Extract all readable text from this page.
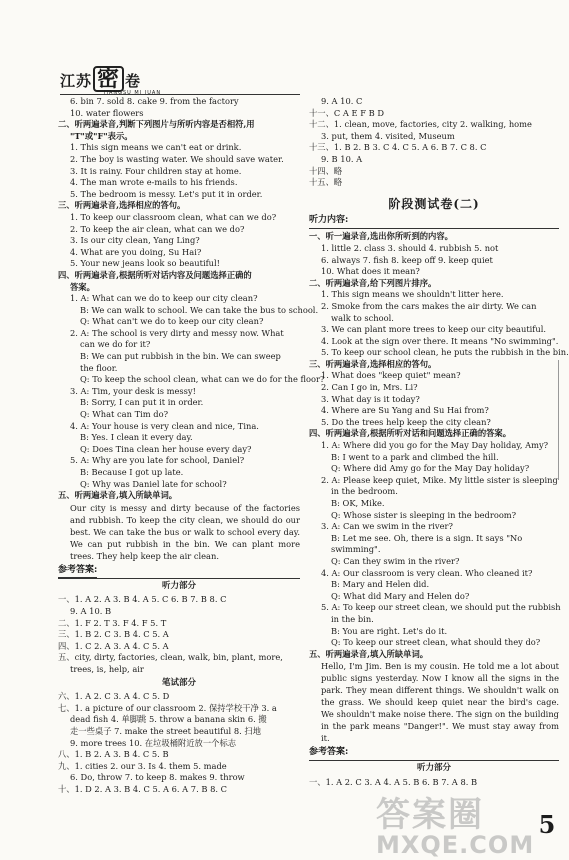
江苏 密 卷
JIANGSU MI JUAN
6. bin 7. sold 8. cake 9. from the factory
10. water flowers
二、听两遍录音,判断下列图片与所听内容是否相符,用
"T"或"F"表示。
1. This sign means we can't eat or drink.
2. The boy is wasting water. We should save water.
3. It is rainy. Four children stay at home.
4. The man wrote e-mails to his friends.
5. The bedroom is messy. Let's put it in order.
三、听两遍录音,选择相应的答句。
1. To keep our classroom clean, what can we do?
2. To keep the air clean, what can we do?
3. Is our city clean, Yang Ling?
4. What are you doing, Su Hai?
5. Your new jeans look so beautiful!
四、听两遍录音,根据所听对话内容及问题选择正确的
答案。
1. A: What can we do to keep our city clean?
B: We can walk to school. We can take the bus to school.
Q: What can't we do to keep our city clean?
2. A: The school is very dirty and messy now. What
can we do for it?
B: We can put rubbish in the bin. We can sweep
the floor.
Q: To keep the school clean, what can we do for the floor?
3. A: Tim, your desk is messy!
B: Sorry, I can put it in order.
Q: What can Tim do?
4. A: Your house is very clean and nice, Tina.
B: Yes. I clean it every day.
Q: Does Tina clean her house every day?
5. A: Why are you late for school, Daniel?
B: Because I got up late.
Q: Why was Daniel late for school?
五、听两遍录音,填入所缺单词。
Our city is messy and dirty because of the factories and rubbish. To keep the city clean, we should do our best. We can take the bus or walk to school every day. We can put rubbish in the bin. We can plant more trees. They help keep the air clean.
参考答案:
听力部分
一、1. A 2. A 3. B 4. A 5. C 6. B 7. B 8. C
9. A 10. B
二、1. F 2. T 3. F 4. F 5. T
三、1. B 2. C 3. B 4. C 5. A
四、1. C 2. A 3. A 4. C 5. A
五、city, dirty, factories, clean, walk, bin, plant, more,
trees, is, help, air
笔试部分
六、1. A 2. C 3. A 4. C 5. D
七、1. a picture of our classroom 2. 保持学校干净 3. a
dead fish 4. 单脚跳 5. throw a banana skin 6. 搬
走一些桌子 7. make the street beautiful 8. 扫地
9. more trees 10. 在垃圾桶附近放一个标志
八、1. B 2. A 3. B 4. C 5. B
九、1. cities 2. our 3. Is 4. them 5. made
6. Do, throw 7. to keep 8. makes 9. throw
十、1. D 2. A 3. B 4. C 5. A 6. A 7. B 8. C
9. A 10. C
十一、C A E F B D
十二、1. clean, move, factories, city 2. walking, home
3. put, them 4. visited, Museum
十三、1. B 2. B 3. C 4. C 5. A 6. B 7. C 8. C
9. B 10. A
十四、略
十五、略
阶段测试卷(二)
听力内容:
一、听一遍录音,选出你所听到的内容。
1. little 2. class 3. should 4. rubbish 5. not
6. always 7. fish 8. keep off 9. keep quiet
10. What does it mean?
二、听两遍录音,给下列图片排序。
1. This sign means we shouldn't litter here.
2. Smoke from the cars makes the air dirty. We can
walk to school.
3. We can plant more trees to keep our city beautiful.
4. Look at the sign over there. It means "No swimming".
5. To keep our school clean, he puts the rubbish in the bin.
三、听两遍录音,选择相应的答句。
1. What does "keep quiet" mean?
2. Can I go in, Mrs. Li?
3. What day is it today?
4. Where are Su Yang and Su Hai from?
5. Do the trees help keep the city clean?
四、听两遍录音,根据所听对话和问题选择正确的答案。
1. A: Where did you go for the May Day holiday, Amy?
B: I went to a park and climbed the hill.
Q: Where did Amy go for the May Day holiday?
2. A: Please keep quiet, Mike. My little sister is sleeping
in the bedroom.
B: OK, Mike.
Q: Whose sister is sleeping in the bedroom?
3. A: Can we swim in the river?
B: Let me see. Oh, there is a sign. It says "No
swimming".
Q: Can they swim in the river?
4. A: Our classroom is very clean. Who cleaned it?
B: Mary and Helen did.
Q: What did Mary and Helen do?
5. A: To keep our street clean, we should put the rubbish
in the bin.
B: You are right. Let's do it.
Q: To keep our street clean, what should they do?
五、听两遍录音,填入所缺单词。
Hello, I'm Jim. Ben is my cousin. He told me a lot about public signs yesterday. Now I know all the signs in the park. They mean different things. We shouldn't walk on the grass. We should keep quiet near the bird's cage. We shouldn't make noise there. The sign on the building in the park means "Danger!". We must stay away from it.
参考答案:
听力部分
一、1. A 2. C 3. A 4. A 5. B 6. B 7. A 8. B
5
答案圈
MXQE.COM
